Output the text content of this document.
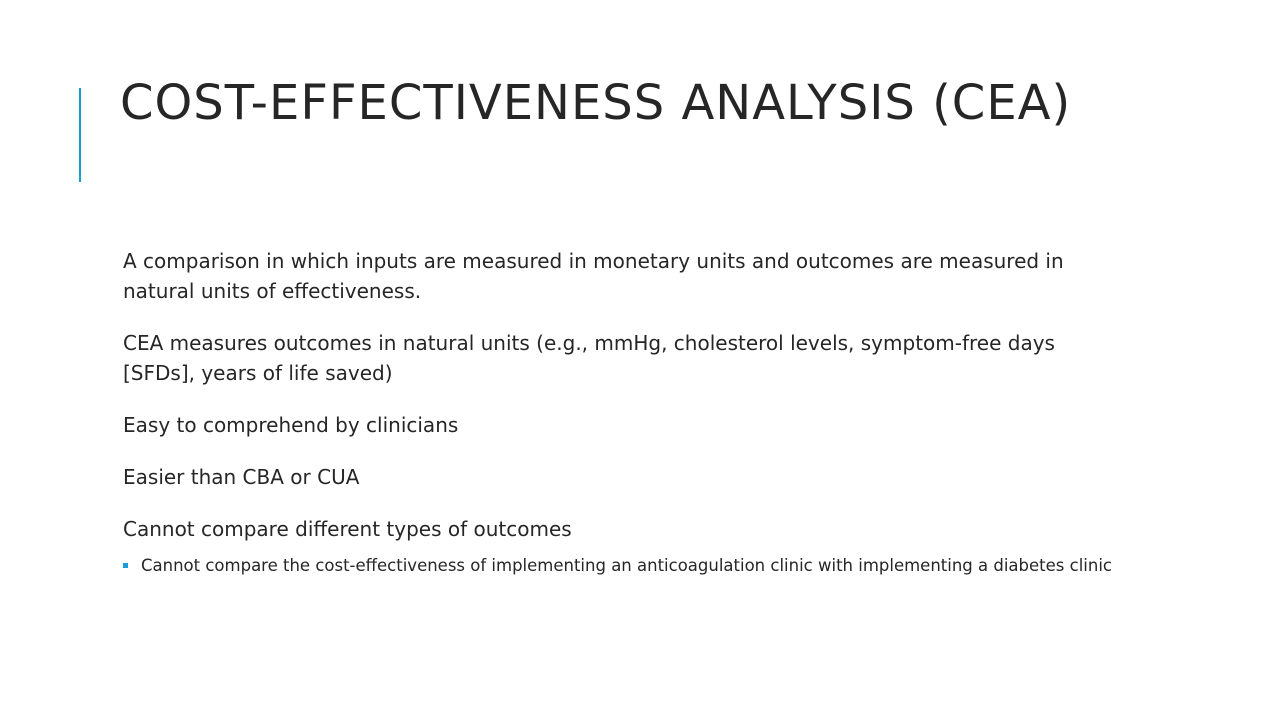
COST-EFFECTIVENESS ANALYSIS (CEA)

A comparison in which inputs are measured in monetary units and outcomes are measured in natural units of effectiveness.

CEA measures outcomes in natural units (e.g., mmHg, cholesterol levels, symptom-free days [SFDs], years of life saved)

Easy to comprehend by clinicians

Easier than CBA or CUA

Cannot compare different types of outcomes

Cannot compare the cost-effectiveness of implementing an anticoagulation clinic with implementing a diabetes clinic
